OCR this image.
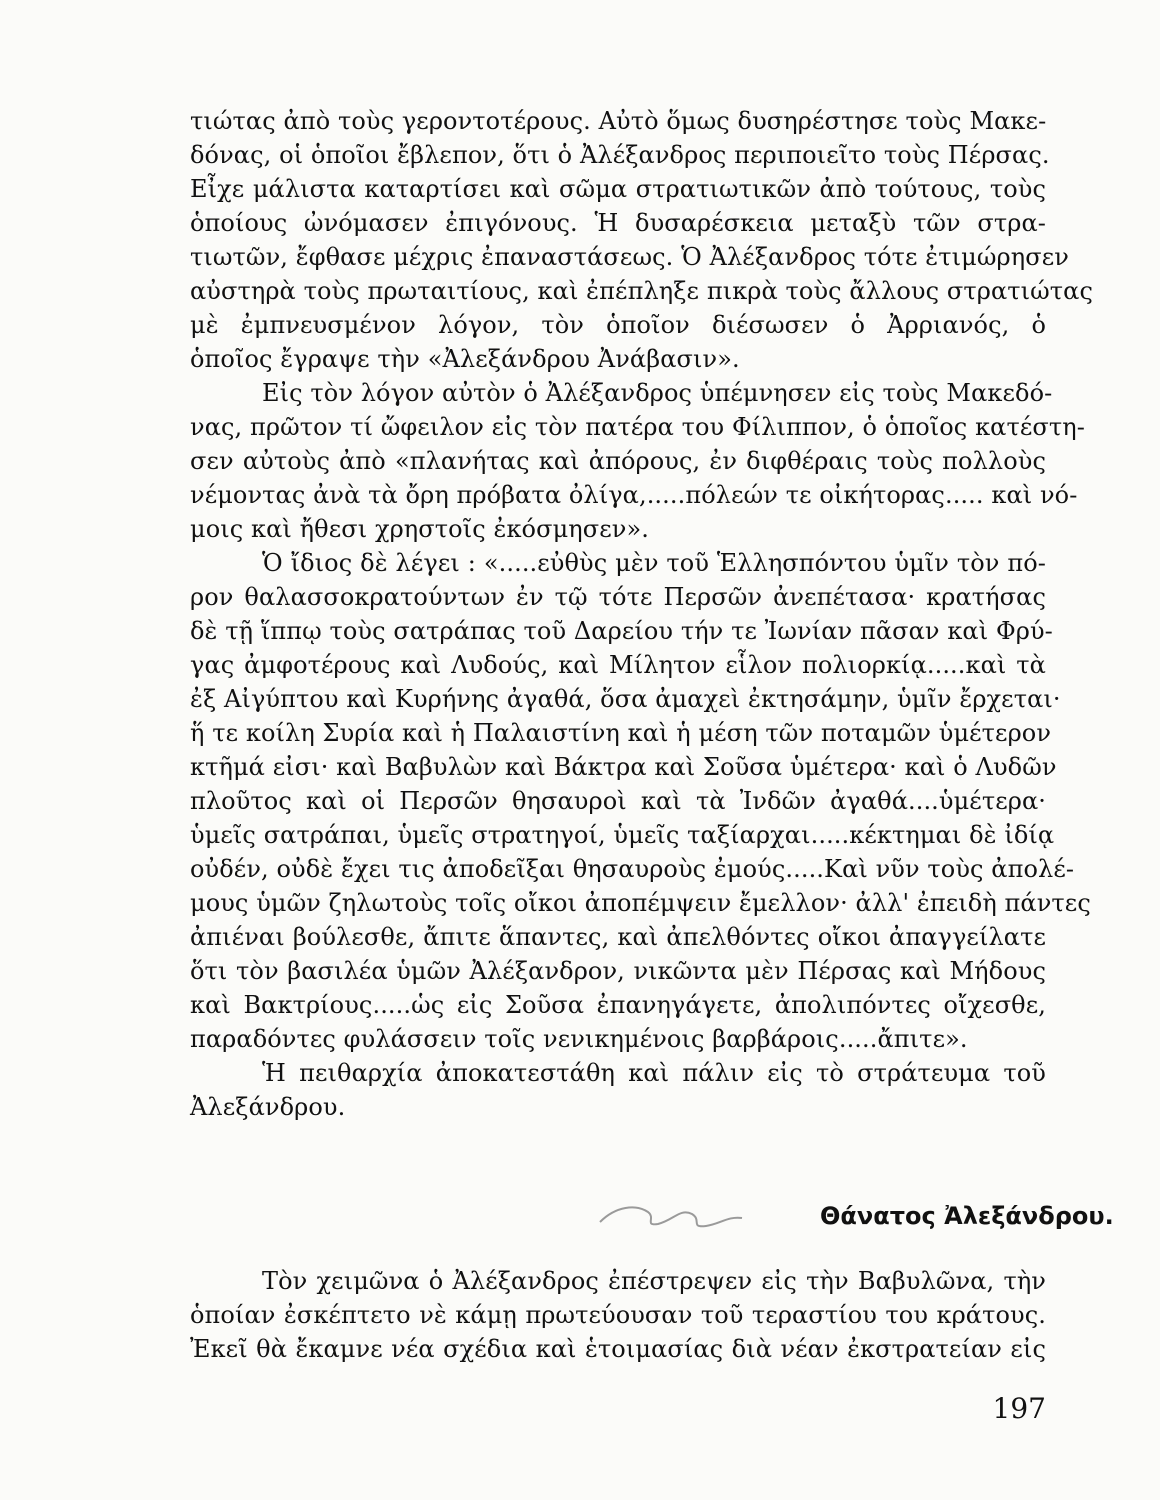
τιώτας ἀπὸ τοὺς γεροντοτέρους. Αὐτὸ ὅμως δυσηρέστησε τοὺς Μακε-
δόνας, οἱ ὁποῖοι ἔβλεπον, ὅτι ὁ Ἀλέξανδρος περιποιεῖτο τοὺς Πέρσας.
Εἶχε μάλιστα καταρτίσει καὶ σῶμα στρατιωτικῶν ἀπὸ τούτους, τοὺς
ὁποίους ὠνόμασεν ἐπιγόνους. Ἡ δυσαρέσκεια μεταξὺ τῶν στρα-
τιωτῶν, ἔφθασε μέχρις ἐπαναστάσεως. Ὁ Ἀλέξανδρος τότε ἐτιμώρησεν
αὐστηρὰ τοὺς πρωταιτίους, καὶ ἐπέπληξε πικρὰ τοὺς ἄλλους στρατιώτας
μὲ ἐμπνευσμένον λόγον, τὸν ὁποῖον διέσωσεν ὁ Ἀρριανός, ὁ
ὁποῖος ἔγραψε τὴν «Ἀλεξάνδρου Ἀνάβασιν».
Εἰς τὸν λόγον αὐτὸν ὁ Ἀλέξανδρος ὑπέμνησεν εἰς τοὺς Μακεδό-
νας, πρῶτον τί ὤφειλον εἰς τὸν πατέρα του Φίλιππον, ὁ ὁποῖος κατέστη-
σεν αὐτοὺς ἀπὸ «πλανήτας καὶ ἀπόρους, ἐν διφθέραις τοὺς πολλοὺς
νέμοντας ἀνὰ τὰ ὄρη πρόβατα ὀλίγα,.....πόλεών τε οἰκήτορας..... καὶ νό-
μοις καὶ ἤθεσι χρηστοῖς ἐκόσμησεν».
Ὁ ἴδιος δὲ λέγει : «.....εὐθὺς μὲν τοῦ Ἑλλησπόντου ὑμῖν τὸν πό-
ρον θαλασσοκρατούντων ἐν τῷ τότε Περσῶν ἀνεπέτασα· κρατήσας
δὲ τῇ ἵππῳ τοὺς σατράπας τοῦ Δαρείου τήν τε Ἰωνίαν πᾶσαν καὶ Φρύ-
γας ἀμφοτέρους καὶ Λυδούς, καὶ Μίλητον εἷλον πολιορκίᾳ.....καὶ τὰ
ἐξ Αἰγύπτου καὶ Κυρήνης ἀγαθά, ὅσα ἀμαχεὶ ἐκτησάμην, ὑμῖν ἔρχεται·
ἥ τε κοίλη Συρία καὶ ἡ Παλαιστίνη καὶ ἡ μέση τῶν ποταμῶν ὑμέτερον
κτῆμά εἰσι· καὶ Βαβυλὼν καὶ Βάκτρα καὶ Σοῦσα ὑμέτερα· καὶ ὁ Λυδῶν
πλοῦτος καὶ οἱ Περσῶν θησαυροὶ καὶ τὰ Ἰνδῶν ἀγαθά....ὑμέτερα·
ὑμεῖς σατράπαι, ὑμεῖς στρατηγοί, ὑμεῖς ταξίαρχαι.....κέκτημαι δὲ ἰδίᾳ
οὐδέν, οὐδὲ ἔχει τις ἀποδεῖξαι θησαυροὺς ἐμούς.....Καὶ νῦν τοὺς ἀπολέ-
μους ὑμῶν ζηλωτοὺς τοῖς οἴκοι ἀποπέμψειν ἔμελλον· ἀλλ' ἐπειδὴ πάντες
ἀπιέναι βούλεσθε, ἄπιτε ἅπαντες, καὶ ἀπελθόντες οἴκοι ἀπαγγείλατε
ὅτι τὸν βασιλέα ὑμῶν Ἀλέξανδρον, νικῶντα μὲν Πέρσας καὶ Μήδους
καὶ Βακτρίους.....ὡς εἰς Σοῦσα ἐπανηγάγετε, ἀπολιπόντες οἴχεσθε,
παραδόντες φυλάσσειν τοῖς νενικημένοις βαρβάροις.....ἄπιτε».
Ἡ πειθαρχία ἀποκατεστάθη καὶ πάλιν εἰς τὸ στράτευμα τοῦ
Ἀλεξάνδρου.
Θάνατος Ἀλεξάνδρου.
Τὸν χειμῶνα ὁ Ἀλέξανδρος ἐπέστρεψεν εἰς τὴν Βαβυλῶνα, τὴν
ὁποίαν ἐσκέπτετο νὲ κάμῃ πρωτεύουσαν τοῦ τεραστίου του κράτους.
Ἐκεῖ θὰ ἔκαμνε νέα σχέδια καὶ ἑτοιμασίας διὰ νέαν ἐκστρατείαν εἰς
197
